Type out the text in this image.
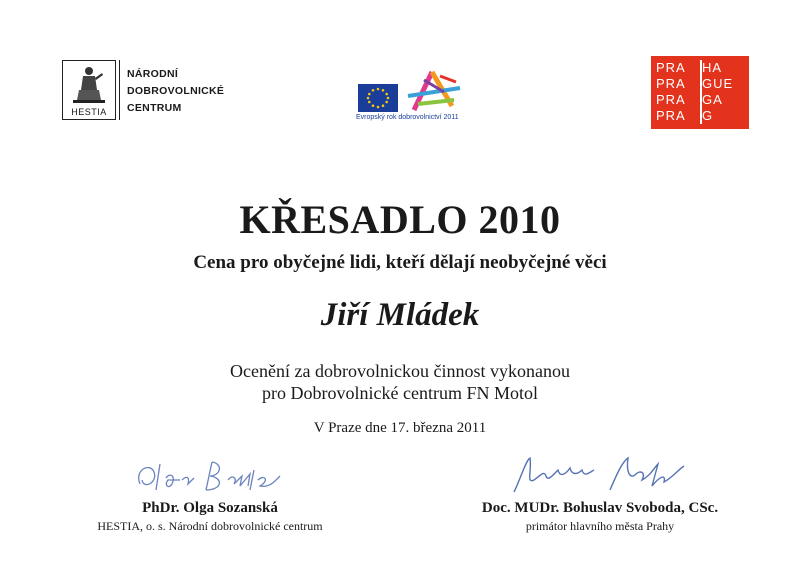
HESTIA
NÁRODNÍ
DOBROVOLNICKÉ
CENTRUM
Evropský rok dobrovolnictví 2011
PRA HA
PRA GUE
PRA GA
PRA G
KŘESADLO 2010
Cena pro obyčejné lidi, kteří dělají neobyčejné věci
Jiří Mládek
Ocenění za dobrovolnickou činnost vykonanou
pro Dobrovolnické centrum FN Motol
V Praze dne 17. března 2011
PhDr. Olga Sozanská
HESTIA, o. s. Národní dobrovolnické centrum
Doc. MUDr. Bohuslav Svoboda, CSc.
primátor hlavního města Prahy
